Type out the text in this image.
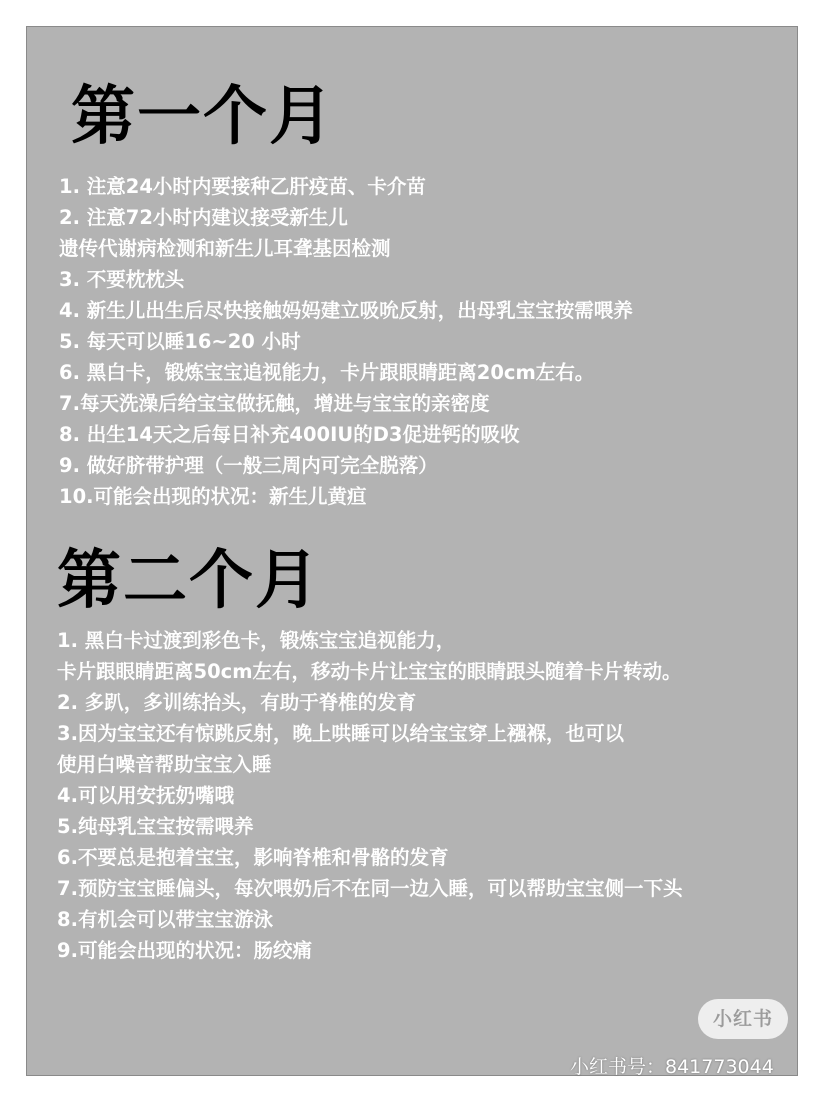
第一个月
1. 注意24小时内要接种乙肝疫苗、卡介苗
2. 注意72小时内建议接受新生儿
遗传代谢病检测和新生儿耳聋基因检测
3. 不要枕枕头
4. 新生儿出生后尽快接触妈妈建立吸吮反射，出母乳宝宝按需喂养
5. 每天可以睡16~20 小时
6. 黑白卡，锻炼宝宝追视能力，卡片跟眼睛距离20cm左右。
7.每天洗澡后给宝宝做抚触，增进与宝宝的亲密度
8. 出生14天之后每日补充400IU的D3促进钙的吸收
9. 做好脐带护理（一般三周内可完全脱落）
10.可能会出现的状况：新生儿黄疸
第二个月
1. 黑白卡过渡到彩色卡，锻炼宝宝追视能力，
卡片跟眼睛距离50cm左右，移动卡片让宝宝的眼睛跟头随着卡片转动。
2. 多趴，多训练抬头，有助于脊椎的发育
3.因为宝宝还有惊跳反射，晚上哄睡可以给宝宝穿上襁褓，也可以
使用白噪音帮助宝宝入睡
4.可以用安抚奶嘴哦
5.纯母乳宝宝按需喂养
6.不要总是抱着宝宝，影响脊椎和骨骼的发育
7.预防宝宝睡偏头，每次喂奶后不在同一边入睡，可以帮助宝宝侧一下头
8.有机会可以带宝宝游泳
9.可能会出现的状况：肠绞痛
小红书
小红书号：841773044
